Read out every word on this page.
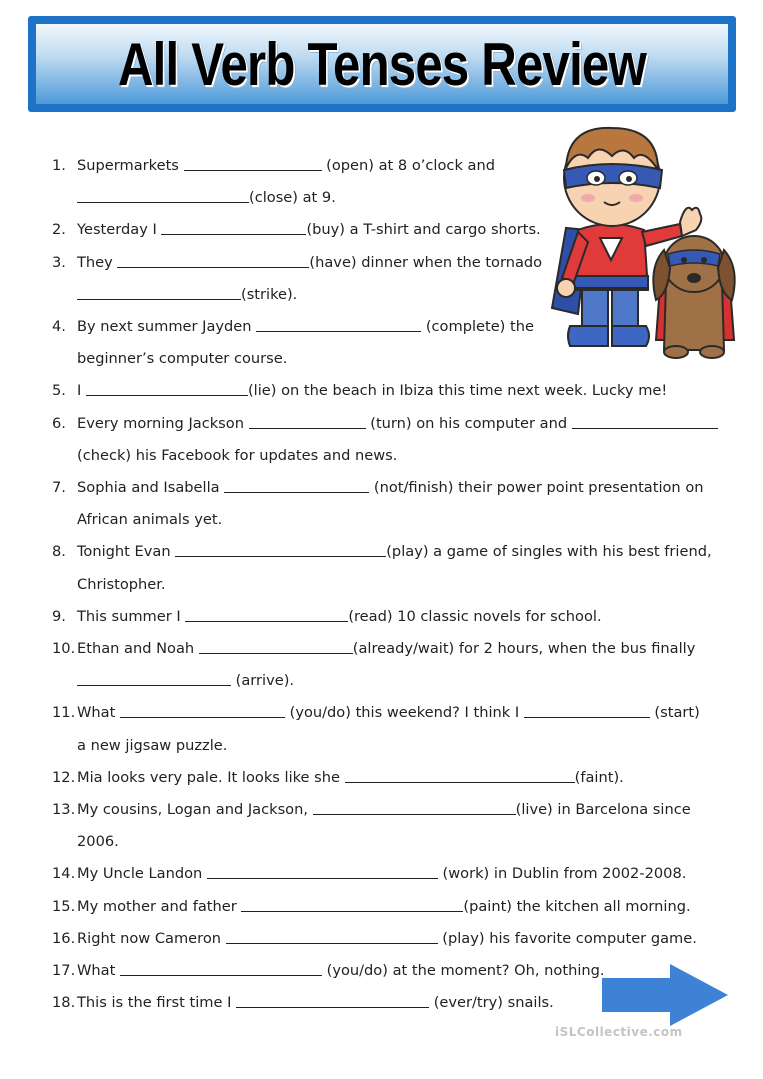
All Verb Tenses Review
1. Supermarkets	(open) at 8 o’clock and
(close) at 9.
2. Yesterday I	(buy) a T-shirt and cargo shorts.
3. They	(have) dinner when the tornado
(strike).
4. By next summer Jayden	(complete) the
beginner’s computer course.
5. I	(lie) on the beach in Ibiza this time next week. Lucky me!
6. Every morning Jackson	(turn) on his computer and
(check) his Facebook for updates and news.
7. Sophia and Isabella	(not/finish) their power point presentation on
African animals yet.
8. Tonight Evan	(play) a game of singles with his best friend,
Christopher.
9. This summer I	(read) 10 classic novels for school.
10. Ethan and Noah	(already/wait) for 2 hours, when the bus finally
(arrive).
11. What	(you/do) this weekend? I think I	(start)
a new jigsaw puzzle.
12. Mia looks very pale. It looks like she	(faint).
13. My cousins, Logan and Jackson,	(live) in Barcelona since
2006.
14. My Uncle Landon	(work) in Dublin from 2002-2008.
15. My mother and father	(paint) the kitchen all morning.
16. Right now Cameron	(play) his favorite computer game.
17. What	(you/do) at the moment? Oh, nothing.
18. This is the first time I	(ever/try) snails.
iSLCollective.com
